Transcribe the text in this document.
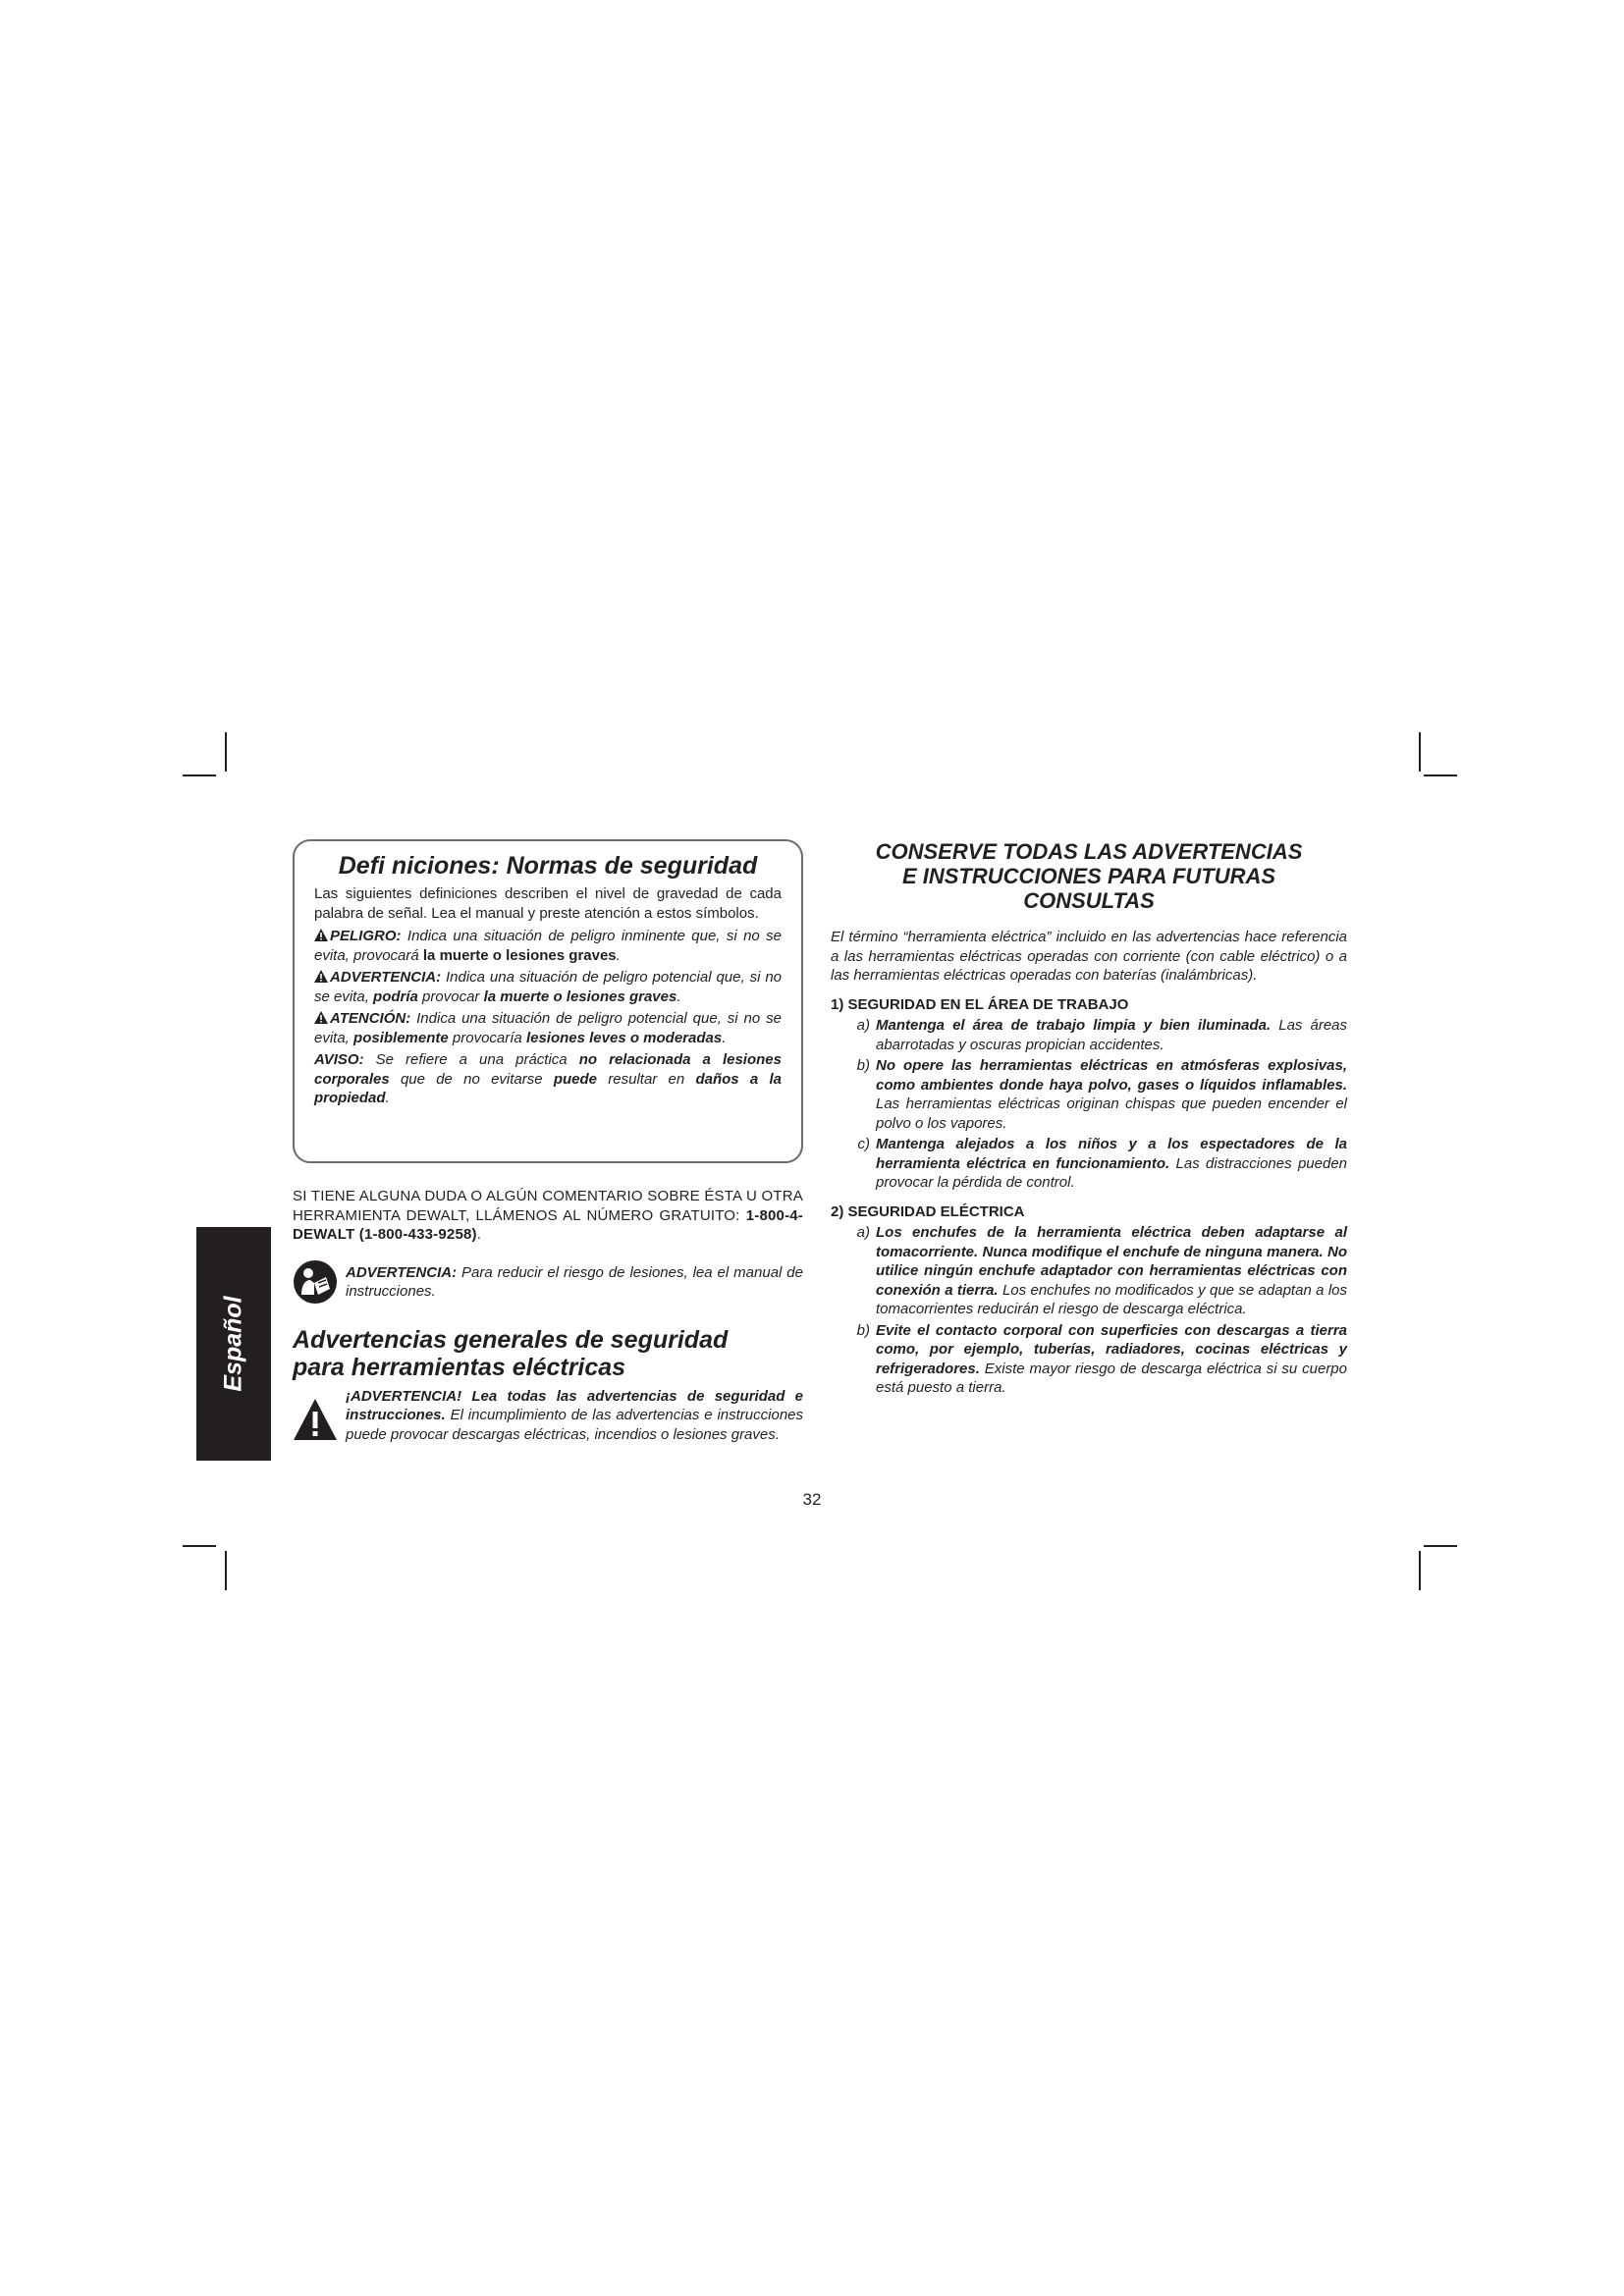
Español
Defi niciones: Normas de seguridad

Las siguientes definiciones describen el nivel de gravedad de cada palabra de señal. Lea el manual y preste atención a estos símbolos.

PELIGRO: Indica una situación de peligro inminente que, si no se evita, provocará la muerte o lesiones graves.

ADVERTENCIA: Indica una situación de peligro potencial que, si no se evita, podría provocar la muerte o lesiones graves.

ATENCIÓN: Indica una situación de peligro potencial que, si no se evita, posiblemente provocaría lesiones leves o moderadas.

AVISO: Se refiere a una práctica no relacionada a lesiones corporales que de no evitarse puede resultar en daños a la propiedad.

SI TIENE ALGUNA DUDA O ALGÚN COMENTARIO SOBRE ÉSTA U OTRA HERRAMIENTA DEWALT, LLÁMENOS AL NÚMERO GRATUITO: 1-800-4-DEWALT (1-800-433-9258).

ADVERTENCIA: Para reducir el riesgo de lesiones, lea el manual de instrucciones.
Advertencias generales de seguridad
para herramientas eléctricas
¡ADVERTENCIA! Lea todas las advertencias de seguridad e instrucciones. El incumplimiento de las advertencias e instrucciones puede provocar descargas eléctricas, incendios o lesiones graves.
CONSERVE TODAS LAS ADVERTENCIAS
E INSTRUCCIONES PARA FUTURAS
CONSULTAS

El término “herramienta eléctrica” incluido en las advertencias hace referencia a las herramientas eléctricas operadas con corriente (con cable eléctrico) o a las herramientas eléctricas operadas con baterías (inalámbricas).

1) SEGURIDAD EN EL ÁREA DE TRABAJO
a) Mantenga el área de trabajo limpia y bien iluminada. Las áreas abarrotadas y oscuras propician accidentes.
b) No opere las herramientas eléctricas en atmósferas explosivas, como ambientes donde haya polvo, gases o líquidos inflamables. Las herramientas eléctricas originan chispas que pueden encender el polvo o los vapores.
c) Mantenga alejados a los niños y a los espectadores de la herramienta eléctrica en funcionamiento. Las distracciones pueden provocar la pérdida de control.
2) SEGURIDAD ELÉCTRICA
a) Los enchufes de la herramienta eléctrica deben adaptarse al tomacorriente. Nunca modifique el enchufe de ninguna manera. No utilice ningún enchufe adaptador con herramientas eléctricas con conexión a tierra. Los enchufes no modificados y que se adaptan a los tomacorrientes reducirán el riesgo de descarga eléctrica.
b) Evite el contacto corporal con superficies con descargas a tierra como, por ejemplo, tuberías, radiadores, cocinas eléctricas y refrigeradores. Existe mayor riesgo de descarga eléctrica si su cuerpo está puesto a tierra.
32
